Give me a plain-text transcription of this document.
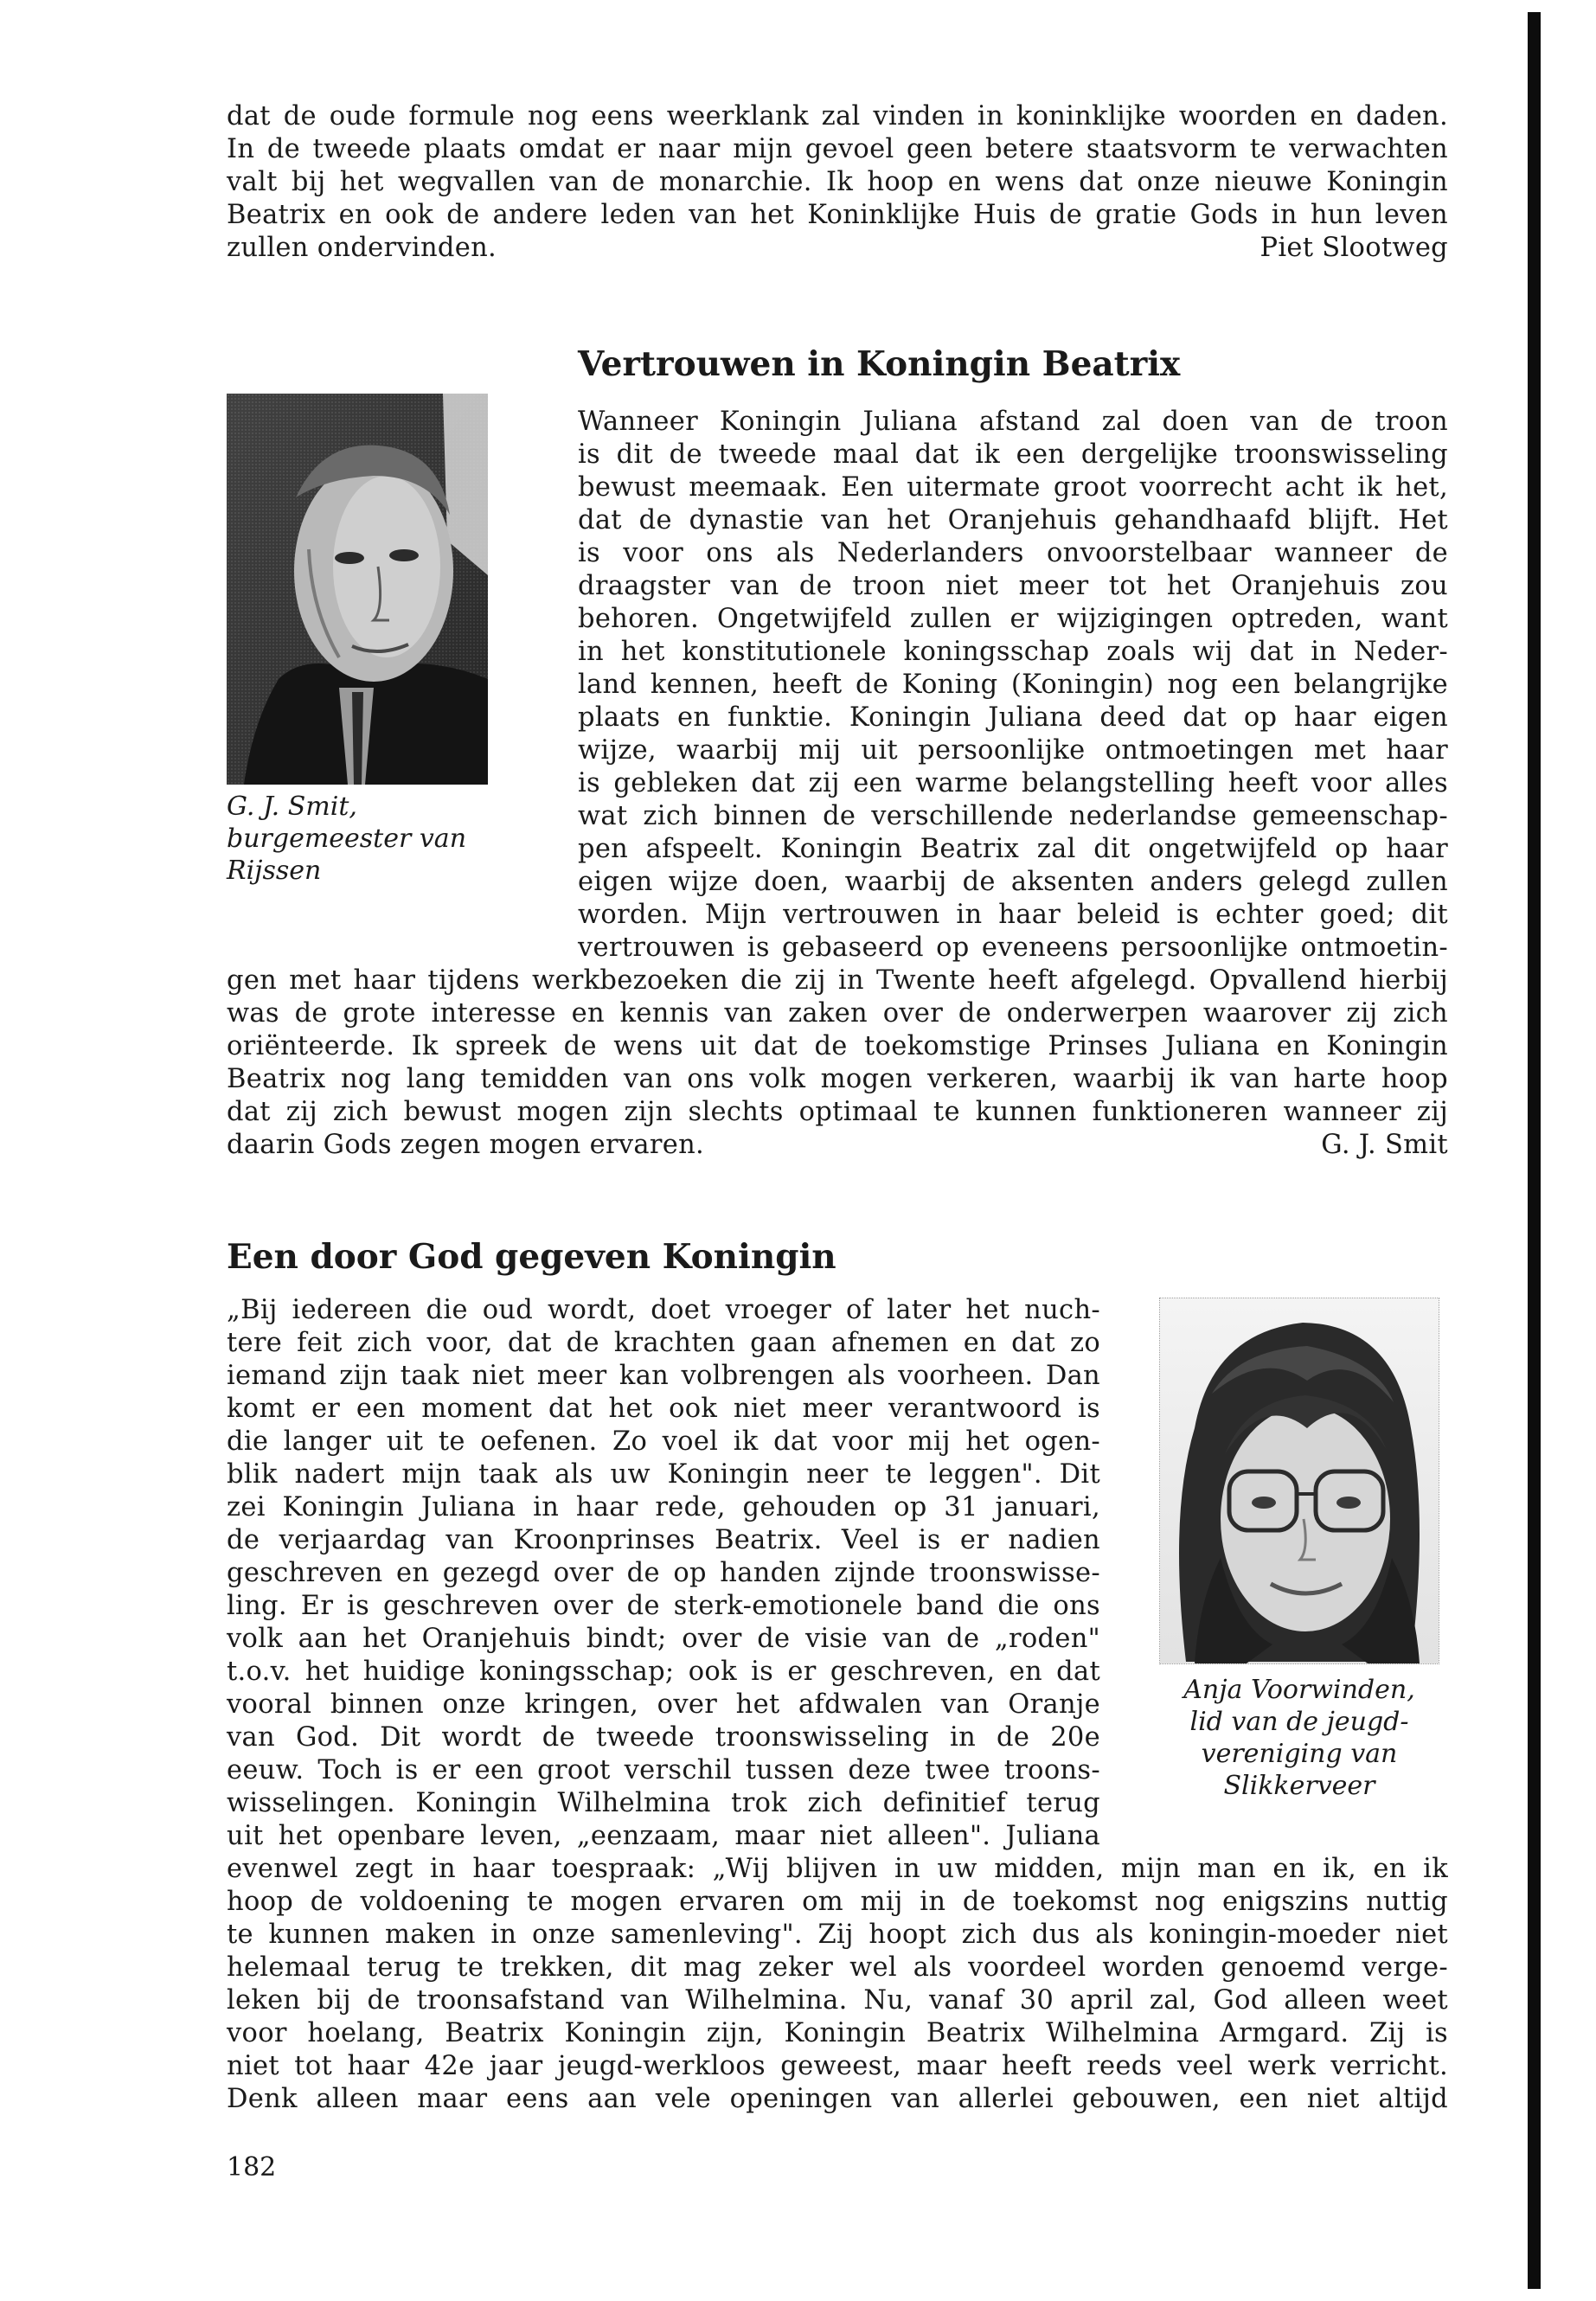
dat de oude formule nog eens weerklank zal vinden in koninklijke woorden en daden.
In de tweede plaats omdat er naar mijn gevoel geen betere staatsvorm te verwachten
valt bij het wegvallen van de monarchie. Ik hoop en wens dat onze nieuwe Koningin
Beatrix en ook de andere leden van het Koninklijke Huis de gratie Gods in hun leven
zullen ondervinden.	Piet Slootweg
Vertrouwen in Koningin Beatrix
G. J. Smit,
burgemeester van
Rijssen
Wanneer Koningin Juliana afstand zal doen van de troon
is dit de tweede maal dat ik een dergelijke troonswisseling
bewust meemaak. Een uitermate groot voorrecht acht ik het,
dat de dynastie van het Oranjehuis gehandhaafd blijft. Het
is voor ons als Nederlanders onvoorstelbaar wanneer de
draagster van de troon niet meer tot het Oranjehuis zou
behoren. Ongetwijfeld zullen er wijzigingen optreden, want
in het konstitutionele koningsschap zoals wij dat in Neder-
land kennen, heeft de Koning (Koningin) nog een belangrijke
plaats en funktie. Koningin Juliana deed dat op haar eigen
wijze, waarbij mij uit persoonlijke ontmoetingen met haar
is gebleken dat zij een warme belangstelling heeft voor alles
wat zich binnen de verschillende nederlandse gemeenschap-
pen afspeelt. Koningin Beatrix zal dit ongetwijfeld op haar
eigen wijze doen, waarbij de aksenten anders gelegd zullen
worden. Mijn vertrouwen in haar beleid is echter goed; dit
vertrouwen is gebaseerd op eveneens persoonlijke ontmoetin-
gen met haar tijdens werkbezoeken die zij in Twente heeft afgelegd. Opvallend hierbij
was de grote interesse en kennis van zaken over de onderwerpen waarover zij zich
oriënteerde. Ik spreek de wens uit dat de toekomstige Prinses Juliana en Koningin
Beatrix nog lang temidden van ons volk mogen verkeren, waarbij ik van harte hoop
dat zij zich bewust mogen zijn slechts optimaal te kunnen funktioneren wanneer zij
daarin Gods zegen mogen ervaren.	G. J. Smit
Een door God gegeven Koningin
Anja Voorwinden,
lid van de jeugd-
vereniging van
Slikkerveer
„Bij iedereen die oud wordt, doet vroeger of later het nuch-
tere feit zich voor, dat de krachten gaan afnemen en dat zo
iemand zijn taak niet meer kan volbrengen als voorheen. Dan
komt er een moment dat het ook niet meer verantwoord is
die langer uit te oefenen. Zo voel ik dat voor mij het ogen-
blik nadert mijn taak als uw Koningin neer te leggen". Dit
zei Koningin Juliana in haar rede, gehouden op 31 januari,
de verjaardag van Kroonprinses Beatrix. Veel is er nadien
geschreven en gezegd over de op handen zijnde troonswisse-
ling. Er is geschreven over de sterk-emotionele band die ons
volk aan het Oranjehuis bindt; over de visie van de „roden"
t.o.v. het huidige koningsschap; ook is er geschreven, en dat
vooral binnen onze kringen, over het afdwalen van Oranje
van God. Dit wordt de tweede troonswisseling in de 20e
eeuw. Toch is er een groot verschil tussen deze twee troons-
wisselingen. Koningin Wilhelmina trok zich definitief terug
uit het openbare leven, „eenzaam, maar niet alleen". Juliana
evenwel zegt in haar toespraak: „Wij blijven in uw midden, mijn man en ik, en ik
hoop de voldoening te mogen ervaren om mij in de toekomst nog enigszins nuttig
te kunnen maken in onze samenleving". Zij hoopt zich dus als koningin-moeder niet
helemaal terug te trekken, dit mag zeker wel als voordeel worden genoemd verge-
leken bij de troonsafstand van Wilhelmina. Nu, vanaf 30 april zal, God alleen weet
voor hoelang, Beatrix Koningin zijn, Koningin Beatrix Wilhelmina Armgard. Zij is
niet tot haar 42e jaar jeugd-werkloos geweest, maar heeft reeds veel werk verricht.
Denk alleen maar eens aan vele openingen van allerlei gebouwen, een niet altijd
182
